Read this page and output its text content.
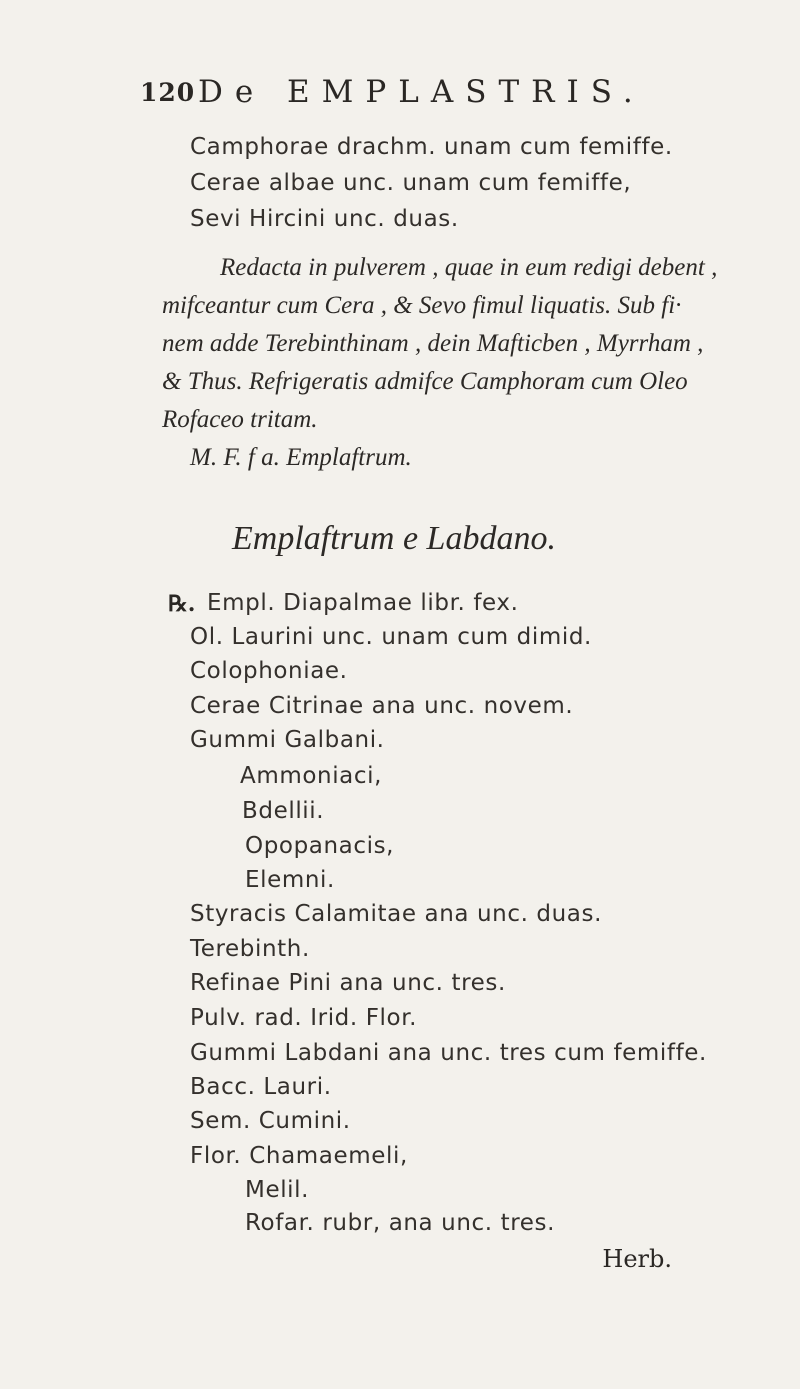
120 De EMPLASTRIS.
Camphorae drachm. unam cum femiffe.
Cerae albae unc. unam cum femiffe,
Sevi Hircini unc. duas.
Redacta in pulverem , quae in eum redigi debent ,
mifceantur cum Cera , & Sevo fimul liquatis. Sub fi·
nem adde Terebinthinam , dein Mafticben , Myrrham ,
& Thus. Refrigeratis admifce Camphoram cum Oleo
Rofaceo tritam.
M. F. f a. Emplaftrum.
Emplaftrum e Labdano.
℞. Empl. Diapalmae libr. fex.
Ol. Laurini unc. unam cum dimid.
Colophoniae.
Cerae Citrinae ana unc. novem.
Gummi Galbani.
Ammoniaci,
Bdellii.
Opopanacis,
Elemni.
Styracis Calamitae ana unc. duas.
Terebinth.
Refinae Pini ana unc. tres.
Pulv. rad. Irid. Flor.
Gummi Labdani ana unc. tres cum femiffe.
Bacc. Lauri.
Sem. Cumini.
Flor. Chamaemeli,
Melil.
Rofar. rubr, ana unc. tres.
Herb.
